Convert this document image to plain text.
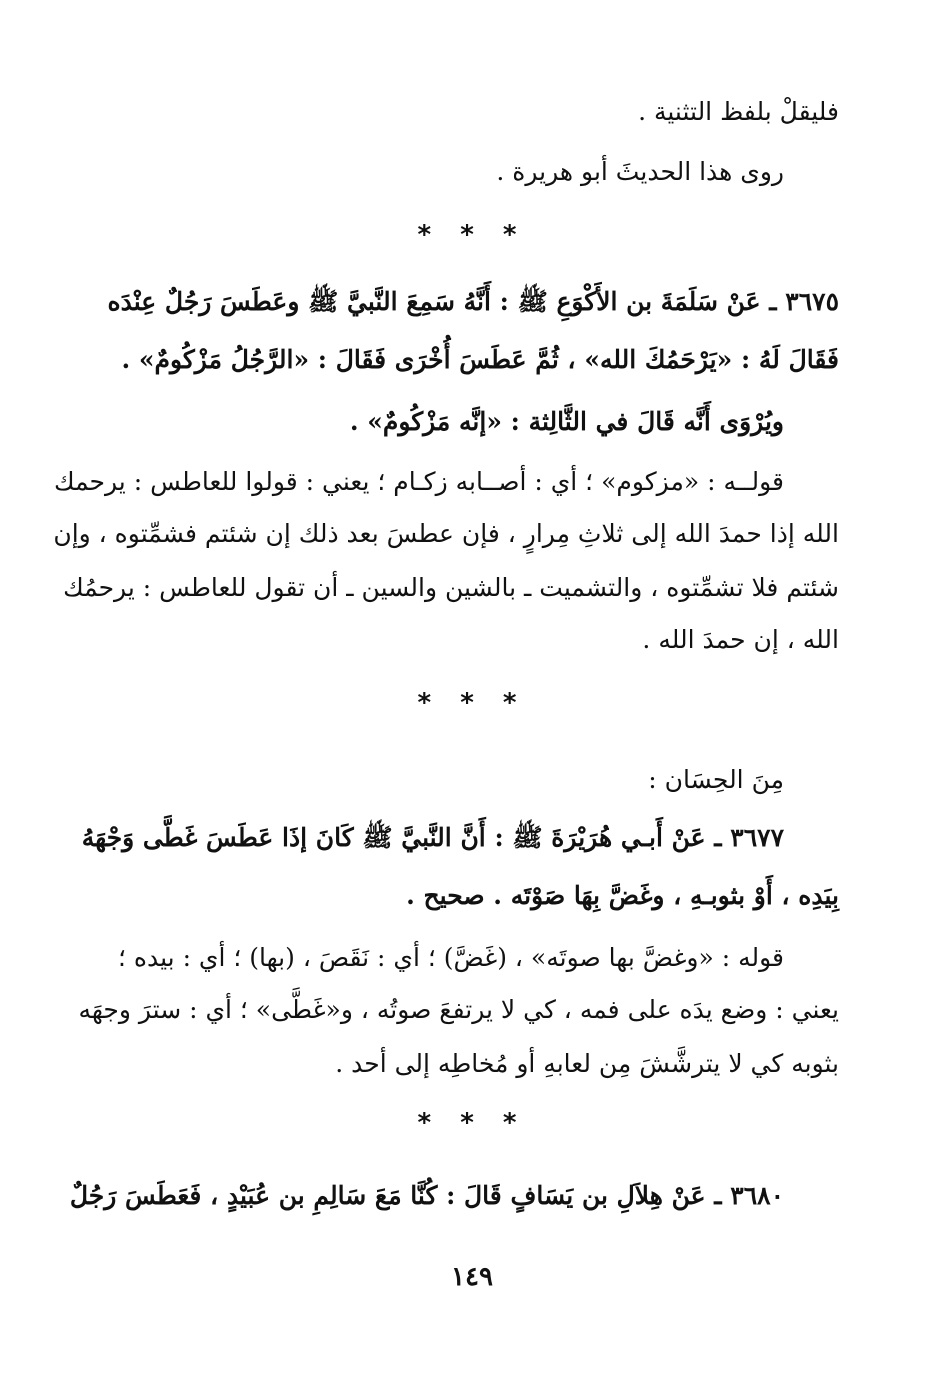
فليقلْ بلفظ التثنية .
روى هذا الحديثَ أبو هريرة .
* * *
٣٦٧٥ ـ عَنْ سَلَمَةَ بن الأَكْوَعِ ﷺ : أَنَّهُ سَمِعَ النَّبيَّ ﷺ وعَطَسَ رَجُلٌ عِنْدَه
فَقَالَ لَهُ : «يَرْحَمُكَ الله» ، ثُمَّ عَطَسَ أُخْرَى فَقَالَ : «الرَّجُلُ مَزْكُومٌ» .
ويُرْوَى أَنَّه قَالَ في الثَّالِثة : «إنَّه مَزْكُومٌ» .
قولــه : «مزكوم» ؛ أي : أصــابه زكـام ؛ يعني : قولوا للعاطس : يرحمك
الله إذا حمدَ الله إلى ثلاثِ مِرارٍ ، فإن عطسَ بعد ذلك إن شئتم فشمِّتوه ، وإن
شئتم فلا تشمِّتوه ، والتشميت ـ بالشين والسين ـ أن تقول للعاطس : يرحمُك
الله ، إن حمدَ الله .
* * *
مِنَ الحِسَان :
٣٦٧٧ ـ عَنْ أَبـي هُرَيْرَةَ ﷺ : أَنَّ النَّبيَّ ﷺ كَانَ إذَا عَطَسَ غَطَّى وَجْهَهُ
بِيَدِه ، أَوْ بثوبـهِ ، وغَضَّ بِهَا صَوْتَه . صحيح .
قوله : «وغضَّ بها صوتَه» ، (غَضَّ) ؛ أي : نَقَصَ ، (بها) ؛ أي : بيده ؛
يعني : وضع يدَه على فمه ، كي لا يرتفعَ صوتُه ، و«غَطَّى» ؛ أي : سترَ وجهَه
بثوبه كي لا يترشَّشَ مِن لعابهِ أو مُخاطِه إلى أحد .
* * *
٣٦٨٠ ـ عَنْ هِلاَلِ بن يَسَافٍ قَالَ : كُنَّا مَعَ سَالِمِ بن عُبَيْدٍ ، فَعَطَسَ رَجُلٌ
١٤٩
